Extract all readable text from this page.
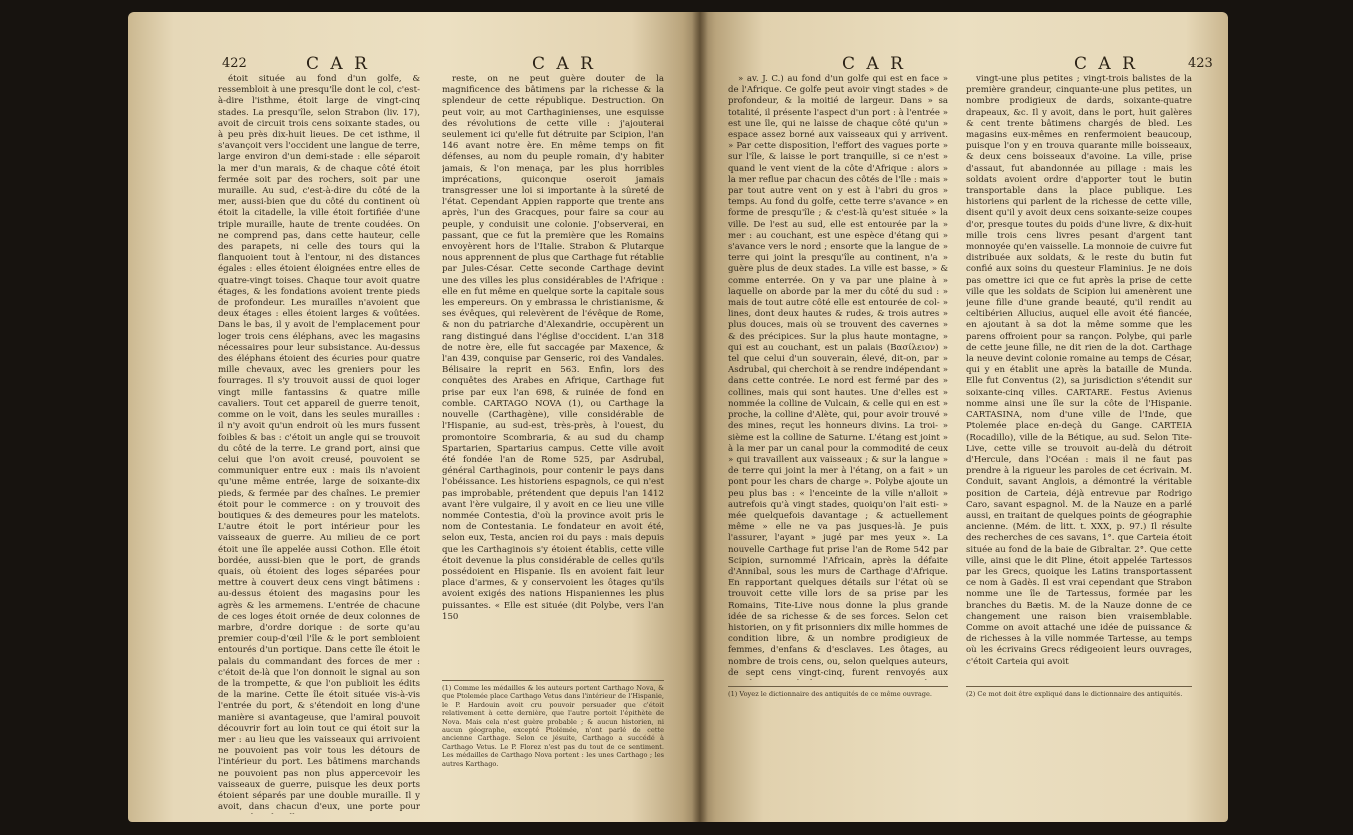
422	C A R	C A R

étoit située au fond d'un golfe, & ressembloit à une presqu'île dont le col, c'est-à-dire l'isthme, étoit large de vingt-cinq stades. La presqu'île, selon Strabon (liv. 17), avoit de circuit trois cens soixante stades, ou à peu près dix-huit lieues. De cet isthme, il s'avançoit vers l'occident une langue de terre, large environ d'un demi-stade : elle séparoit la mer d'un marais, & de chaque côté étoit fermée soit par des rochers, soit par une muraille. Au sud, c'est-à-dire du côté de la mer, aussi-bien que du côté du continent où étoit la citadelle, la ville étoit fortifiée d'une triple muraille, haute de trente coudées. On ne comprend pas, dans cette hauteur, celle des parapets, ni celle des tours qui la flanquoient tout à l'entour, ni des distances égales : elles étoient éloignées entre elles de quatre-vingt toises. Chaque tour avoit quatre étages, & les fondations avoient trente pieds de profondeur. Les murailles n'avoient que deux étages : elles étoient larges & voûtées. Dans le bas, il y avoit de l'emplacement pour loger trois cens éléphans, avec les magasins nécessaires pour leur subsistance. Au-dessus des éléphans étoient des écuries pour quatre mille chevaux, avec les greniers pour les fourrages. Il s'y trouvoit aussi de quoi loger vingt mille fantassins & quatre mille cavaliers. Tout cet appareil de guerre tenoit, comme on le voit, dans les seules murailles : il n'y avoit qu'un endroit où les murs fussent foibles & bas : c'étoit un angle qui se trouvoit du côté de la terre. Le grand port, ainsi que celui que l'on avoit creusé, pouvoient se communiquer entre eux : mais ils n'avoient qu'une même entrée, large de soixante-dix pieds, & fermée par des chaînes. Le premier étoit pour le commerce : on y trouvoit des boutiques & des demeures pour les matelots. L'autre étoit le port intérieur pour les vaisseaux de guerre. Au milieu de ce port étoit une île appelée aussi Cothon. Elle étoit bordée, aussi-bien que le port, de grands quais, où étoient des loges séparées pour mettre à couvert deux cens vingt bâtimens : au-dessus étoient des magasins pour les agrès & les armemens. L'entrée de chacune de ces loges étoit ornée de deux colonnes de marbre, d'ordre dorique : de sorte qu'au premier coup-d'œil l'île & le port sembloient entourés d'un portique. Dans cette île étoit le palais du commandant des forces de mer : c'étoit de-là que l'on donnoit le signal au son de la trompette, & que l'on publioit les édits de la marine. Cette île étoit située vis-à-vis l'entrée du port, & s'étendoit en long d'une manière si avantageuse, que l'amiral pouvoit découvrir fort au loin tout ce qui étoit sur la mer : au lieu que les vaisseaux qui arrivoient ne pouvoient pas voir tous les détours de l'intérieur du port. Les bâtimens marchands ne pouvoient pas non plus appercevoir les vaisseaux de guerre, puisque les deux ports étoient séparés par une double muraille. Il y avoit, dans chacun d'eux, une porte pour

reste, on ne peut guère douter de la magnificence des bâtimens par la richesse & la splendeur de cette république. Destruction. On peut voir, au mot Carthaginienses, une esquisse des révolutions de cette ville : j'ajouterai seulement ici qu'elle fut détruite par Scipion, l'an 146 avant notre ère. En même temps on fit défenses, au nom du peuple romain, d'y habiter jamais, & l'on menaça, par les plus horribles imprécations, quiconque oseroit jamais transgresser une loi si importante à la sûreté de l'état. Cependant Appien rapporte que trente ans après, l'un des Gracques, pour faire sa cour au peuple, y conduisit une colonie. J'observerai, en passant, que ce fut la première que les Romains envoyèrent hors de l'Italie. Strabon & Plutarque nous apprennent de plus que Carthage fut rétablie par Jules-César. Cette seconde Carthage devint une des villes les plus considérables de l'Afrique : elle en fut même en quelque sorte la capitale sous les empereurs. On y embrassa le christianisme, & ses évêques, qui relevèrent de l'évêque de Rome, & non du patriarche d'Alexandrie, occupèrent un rang distingué dans l'église d'occident. L'an 318 de notre ère, elle fut saccagée par Maxence, & l'an 439, conquise par Genseric, roi des Vandales. Bélisaire la reprit en 563. Enfin, lors des conquêtes des Arabes en Afrique, Carthage fut prise par eux l'an 698, & ruinée de fond en comble. CARTAGO NOVA (1), ou Carthage la nouvelle (Carthagène), ville considérable de l'Hispanie, au sud-est, très-près, à l'ouest, du promontoire Scombraria, & au sud du champ Spartarien, Spartarius campus. Cette ville avoit été fondée l'an de Rome 525, par Asdrubal, général Carthaginois, pour contenir le pays dans l'obéissance. Les historiens espagnols, ce qui n'est pas improbable, prétendent que depuis l'an 1412 avant l'ère vulgaire, il y avoit en ce lieu une ville nommée Contestia, d'où la province avoit pris le nom de Contestania. Le fondateur en avoit été, selon eux, Testa, ancien roi du pays : mais depuis que les Carthaginois s'y étoient établis, cette ville étoit devenue la plus considérable de celles qu'ils possédoient en Hispanie. Ils en avoient fait leur place d'armes, & y conservoient les ôtages qu'ils avoient exigés des nations Hispaniennes les plus puissantes. « Elle est située (dit Polybe, vers l'an 150

(1) Comme les médailles & les auteurs portent Carthago Nova, & que Ptolemée place Carthago Vetus dans l'intérieur de l'Hispanie, le P. Hardouin avoit cru pouvoir persuader que c'étoit relativement à cette dernière, que l'autre portoit l'épithète de Nova. Mais cela n'est guère probable ; & aucun historien, ni aucun géographe, excepté Ptolémée, n'ont parlé de cette ancienne Carthage. Selon ce jésuite, Carthago a succédé à Carthago Vetus. Le P. Florez n'est pas du tout de ce sentiment. Les médailles de Carthago Nova portent : les unes Carthago ; les autres Karthago.

C A R	C A R	423

» av. J. C.) au fond d'un golfe qui est en face » de l'Afrique. Ce golfe peut avoir vingt stades » de profondeur, & la moitié de largeur. Dans » sa totalité, il présente l'aspect d'un port : à l'entrée » est une île, qui ne laisse de chaque côté qu'un » espace assez borné aux vaisseaux qui y arrivent. » Par cette disposition, l'effort des vagues porte » sur l'île, & laisse le port tranquille, si ce n'est » quand le vent vient de la côte d'Afrique : alors » la mer reflue par chacun des côtés de l'île : mais » par tout autre vent on y est à l'abri du gros » temps. Au fond du golfe, cette terre s'avance » en forme de presqu'île ; & c'est-là qu'est située » la ville. De l'est au sud, elle est entourée par la » mer : au couchant, est une espèce d'étang qui » s'avance vers le nord ; ensorte que la langue de » terre qui joint la presqu'île au continent, n'a » guère plus de deux stades. La ville est basse, » & comme enterrée. On y va par une plaine à » laquelle on aborde par la mer du côté du sud : » mais de tout autre côté elle est entourée de col- » lines, dont deux hautes & rudes, & trois autres » plus douces, mais où se trouvent des cavernes » & des précipices. Sur la plus haute montagne, » qui est au couchant, est un palais (Βασίλειον) » tel que celui d'un souverain, élevé, dit-on, par » Asdrubal, qui cherchoit à se rendre indépendant » dans cette contrée. Le nord est fermé par des » collines, mais qui sont hautes. Une d'elles est » nommée la colline de Vulcain, & celle qui en est » proche, la colline d'Alète, qui, pour avoir trouvé » des mines, reçut les honneurs divins. La troi- » sième est la colline de Saturne. L'étang est joint » à la mer par un canal pour la commodité de ceux » qui travaillent aux vaisseaux ; & sur la langue » de terre qui joint la mer à l'étang, on a fait » un pont pour les chars de charge ». Polybe ajoute un peu plus bas : « l'enceinte de la ville n'alloit » autrefois qu'à vingt stades, quoiqu'on l'ait esti- » mée quelquefois davantage ; & actuellement même » elle ne va pas jusques-là. Je puis l'assurer, l'ayant » jugé par mes yeux ». La nouvelle Carthage fut prise l'an de Rome 542 par Scipion, surnommé l'Africain, après la défaite d'Annibal, sous les murs de Carthage d'Afrique. En rapportant quelques détails sur l'état où se trouvoit cette ville lors de sa prise par les Romains, Tite-Live nous donne la plus grande idée de sa richesse & de ses forces. Selon cet historien, on y fit prisonniers dix mille hommes de condition libre, & un nombre prodigieux de femmes, d'enfans & d'esclaves. Les ôtages, au nombre de trois cens, ou, selon quelques auteurs, de sept cens vingt-cinq, furent renvoyés aux

vingt-une plus petites ; vingt-trois balistes de la première grandeur, cinquante-une plus petites, un nombre prodigieux de dards, soixante-quatre drapeaux, &c. Il y avoit, dans le port, huit galères & cent trente bâtimens chargés de bled. Les magasins eux-mêmes en renfermoient beaucoup, puisque l'on y en trouva quarante mille boisseaux, & deux cens boisseaux d'avoine. La ville, prise d'assaut, fut abandonnée au pillage : mais les soldats avoient ordre d'apporter tout le butin transportable dans la place publique. Les historiens qui parlent de la richesse de cette ville, disent qu'il y avoit deux cens soixante-seize coupes d'or, presque toutes du poids d'une livre, & dix-huit mille trois cens livres pesant d'argent tant monnoyée qu'en vaisselle. La monnoie de cuivre fut distribuée aux soldats, & le reste du butin fut confié aux soins du questeur Flaminius. Je ne dois pas omettre ici que ce fut après la prise de cette ville que les soldats de Scipion lui amenèrent une jeune fille d'une grande beauté, qu'il rendit au celtibérien Allucius, auquel elle avoit été fiancée, en ajoutant à sa dot la même somme que les parens offroient pour sa rançon. Polybe, qui parle de cette jeune fille, ne dit rien de la dot. Carthage la neuve devint colonie romaine au temps de César, qui y en établit une après la bataille de Munda. Elle fut Conventus (2), sa jurisdiction s'étendit sur soixante-cinq villes. CARTARE. Festus Avienus nomme ainsi une île sur la côte de l'Hispanie. CARTASINA, nom d'une ville de l'Inde, que Ptolemée place en-deçà du Gange. CARTEIA (Rocadillo), ville de la Bétique, au sud. Selon Tite-Live, cette ville se trouvoit au-delà du détroit d'Hercule, dans l'Océan : mais il ne faut pas prendre à la rigueur les paroles de cet écrivain. M. Conduit, savant Anglois, a démontré la véritable position de Carteia, déjà entrevue par Rodrigo Caro, savant espagnol. M. de la Nauze en a parlé aussi, en traitant de quelques points de géographie ancienne. (Mém. de litt. t. XXX, p. 97.) Il résulte des recherches de ces savans, 1°. que Carteia étoit située au fond de la baie de Gibraltar. 2°. Que cette ville, ainsi que le dit Pline, étoit appelée Tartessos par les Grecs, quoique les Latins transportassent ce nom à Gadès. Il est vrai cependant que Strabon nomme une île de Tartessus, formée par les branches du Bætis. M. de la Nauze donne de ce changement une raison bien vraisemblable. Comme on avoit attaché une idée de puissance & de richesses à la ville nommée Tartesse, au temps où les écrivains Grecs rédigeoient leurs ouvrages, c'étoit Carteia qui avoit

(1) Voyez le dictionnaire des antiquités de ce même ouvrage.	(2) Ce mot doit être expliqué dans le dictionnaire des antiquités.
